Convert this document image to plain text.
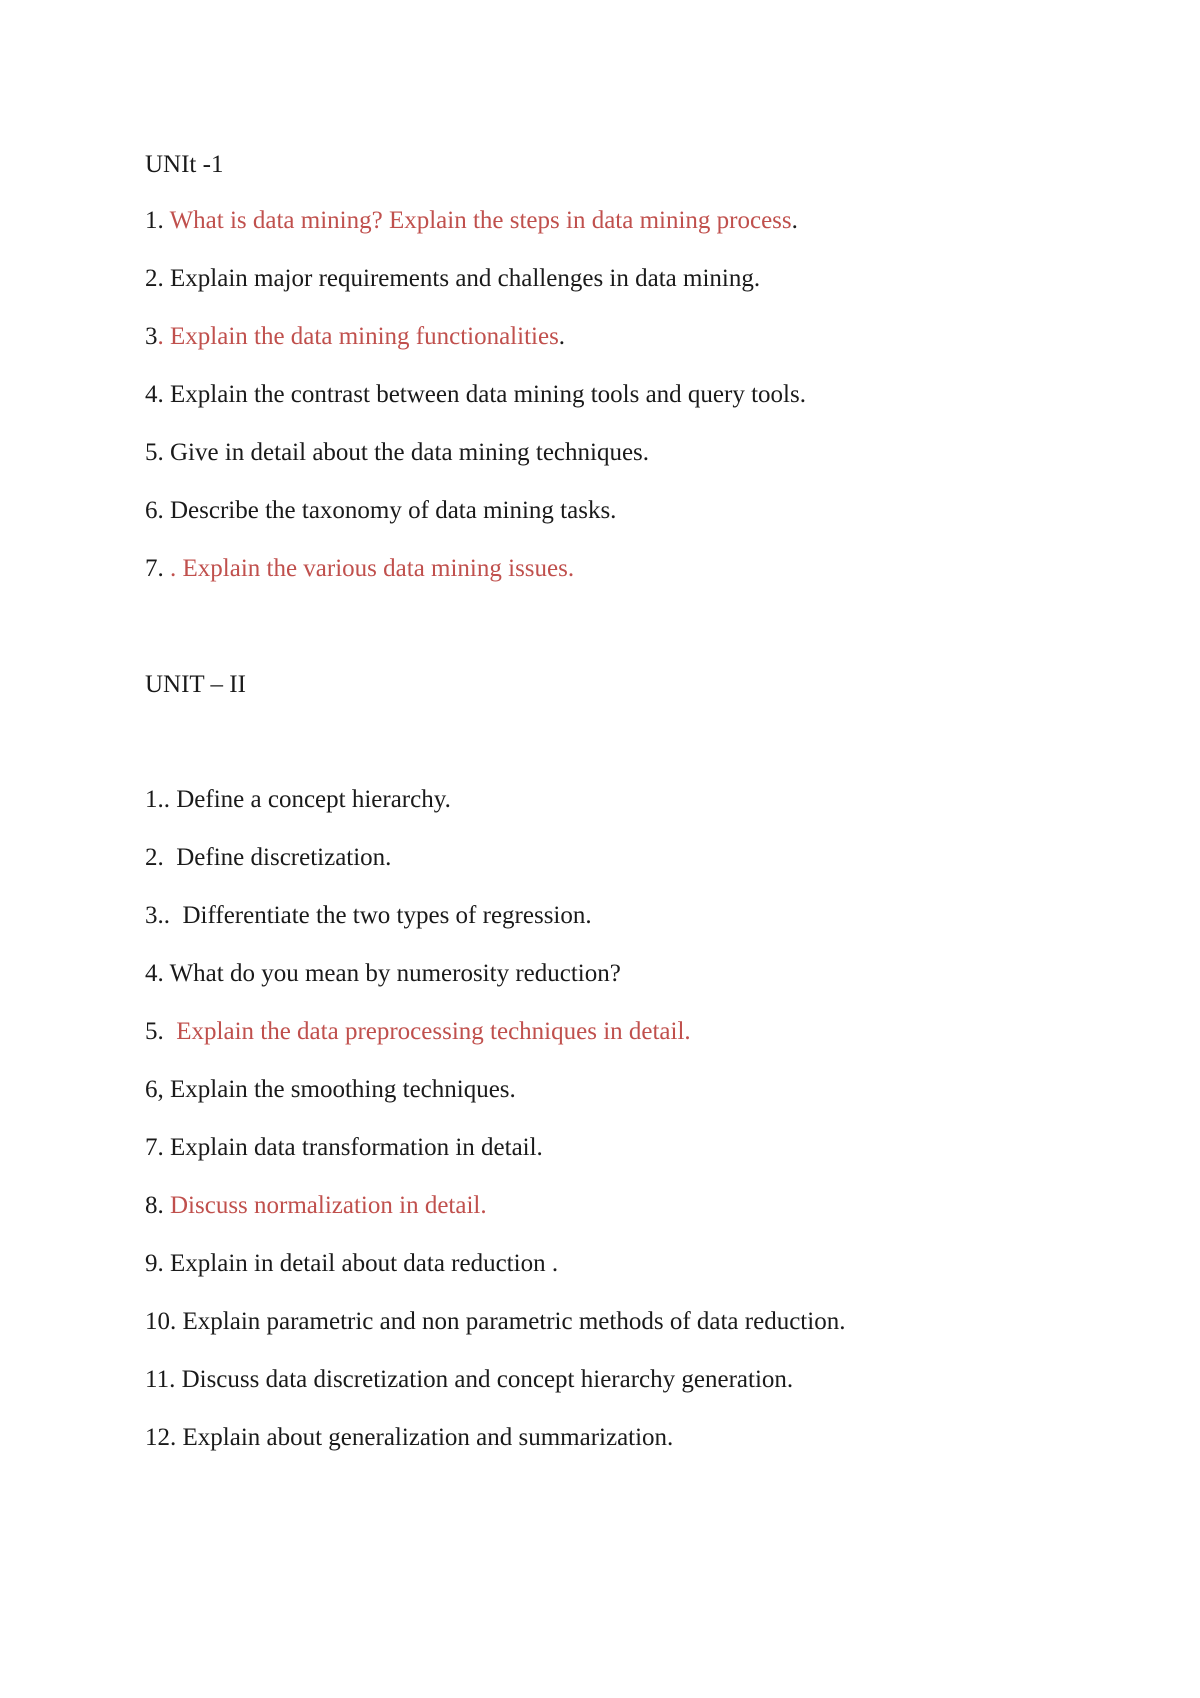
UNIt -1
1. What is data mining? Explain the steps in data mining process.
2. Explain major requirements and challenges in data mining.
3. Explain the data mining functionalities.
4. Explain the contrast between data mining tools and query tools.
5. Give in detail about the data mining techniques.
6. Describe the taxonomy of data mining tasks.
7. . Explain the various data mining issues.
UNIT – II
1.. Define a concept hierarchy.
2.  Define discretization.
3..  Differentiate the two types of regression.
4. What do you mean by numerosity reduction?
5.  Explain the data preprocessing techniques in detail.
6, Explain the smoothing techniques.
7. Explain data transformation in detail.
8. Discuss normalization in detail.
9. Explain in detail about data reduction .
10. Explain parametric and non parametric methods of data reduction.
11. Discuss data discretization and concept hierarchy generation.
12. Explain about generalization and summarization.
